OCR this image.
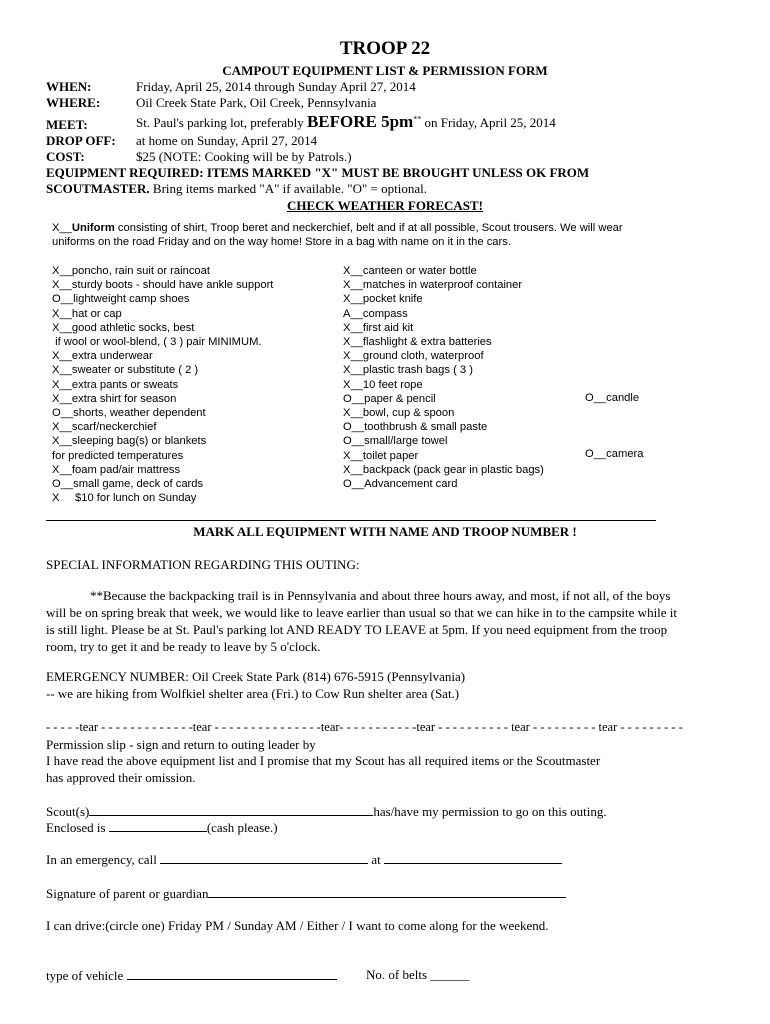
TROOP 22
CAMPOUT EQUIPMENT LIST & PERMISSION FORM
WHEN:	Friday, April 25, 2014 through Sunday April 27, 2014
WHERE:	Oil Creek State Park, Oil Creek, Pennsylvania
MEET:	St. Paul's parking lot, preferably BEFORE 5pm** on Friday, April 25, 2014
DROP OFF: at home on Sunday, April 27, 2014
COST:	$25 (NOTE: Cooking will be by Patrols.)
EQUIPMENT REQUIRED: ITEMS MARKED "X" MUST BE BROUGHT UNLESS OK FROM
SCOUTMASTER. Bring items marked "A" if available. "O" = optional.
CHECK WEATHER FORECAST!
X__Uniform consisting of shirt, Troop beret and neckerchief, belt and if at all possible, Scout trousers. We will wear
uniforms on the road Friday and on the way home! Store in a bag with name on it in the cars.
X__poncho, rain suit or raincoat
X__sturdy boots - should have ankle support
O__lightweight camp shoes
X__hat or cap
X__good athletic socks, best
if wool or wool-blend, ( 3 ) pair MINIMUM.
X__extra underwear
X__sweater or substitute ( 2 )
X__extra pants or sweats
X__extra shirt for season
O__shorts, weather dependent
X__scarf/neckerchief
X__sleeping bag(s) or blankets
for predicted temperatures
X__foam pad/air mattress
O__small game, deck of cards
X     $10 for lunch on Sunday
X__canteen or water bottle
X__matches in waterproof container
X__pocket knife
A__compass
X__first aid kit
X__flashlight & extra batteries
X__ground cloth, waterproof
X__plastic trash bags ( 3 )
X__10 feet rope
O__paper & pencil
X__bowl, cup & spoon
O__toothbrush & small paste
O__small/large towel
X__toilet paper
X__backpack (pack gear in plastic bags)
O__Advancement card
O__candle
O__camera
MARK ALL EQUIPMENT WITH NAME AND TROOP NUMBER !
SPECIAL INFORMATION REGARDING THIS OUTING:
**Because the backpacking trail is in Pennsylvania and about three hours away, and most, if not all, of the boys
will be on spring break that week, we would like to leave earlier than usual so that we can hike in to the campsite while it
is still light. Please be at St. Paul's parking lot AND READY TO LEAVE at 5pm. If you need equipment from the troop
room, try to get it and be ready to leave by 5 o'clock.
EMERGENCY NUMBER: Oil Creek State Park (814) 676-5915 (Pennsylvania)
-- we are hiking from Wolfkiel shelter area (Fri.) to Cow Run shelter area (Sat.)
- - - - -tear - - - - - - - - - - - - -tear - - - - - - - - - - - - - - -tear- - - - - - - - - - -tear - - - - - - - - - - tear - - - - - - - - - tear - - - - - - - - -
Permission slip - sign and return to outing leader by
I have read the above equipment list and I promise that my Scout has all required items or the Scoutmaster
has approved their omission.
Scout(s)	has/have my permission to go on this outing.
Enclosed is	(cash please.)
In an emergency, call	at
Signature of parent or guardian
I can drive:(circle one) Friday PM / Sunday AM / Either / I want to come along for the weekend.
type of vehicle	No. of belts ______
